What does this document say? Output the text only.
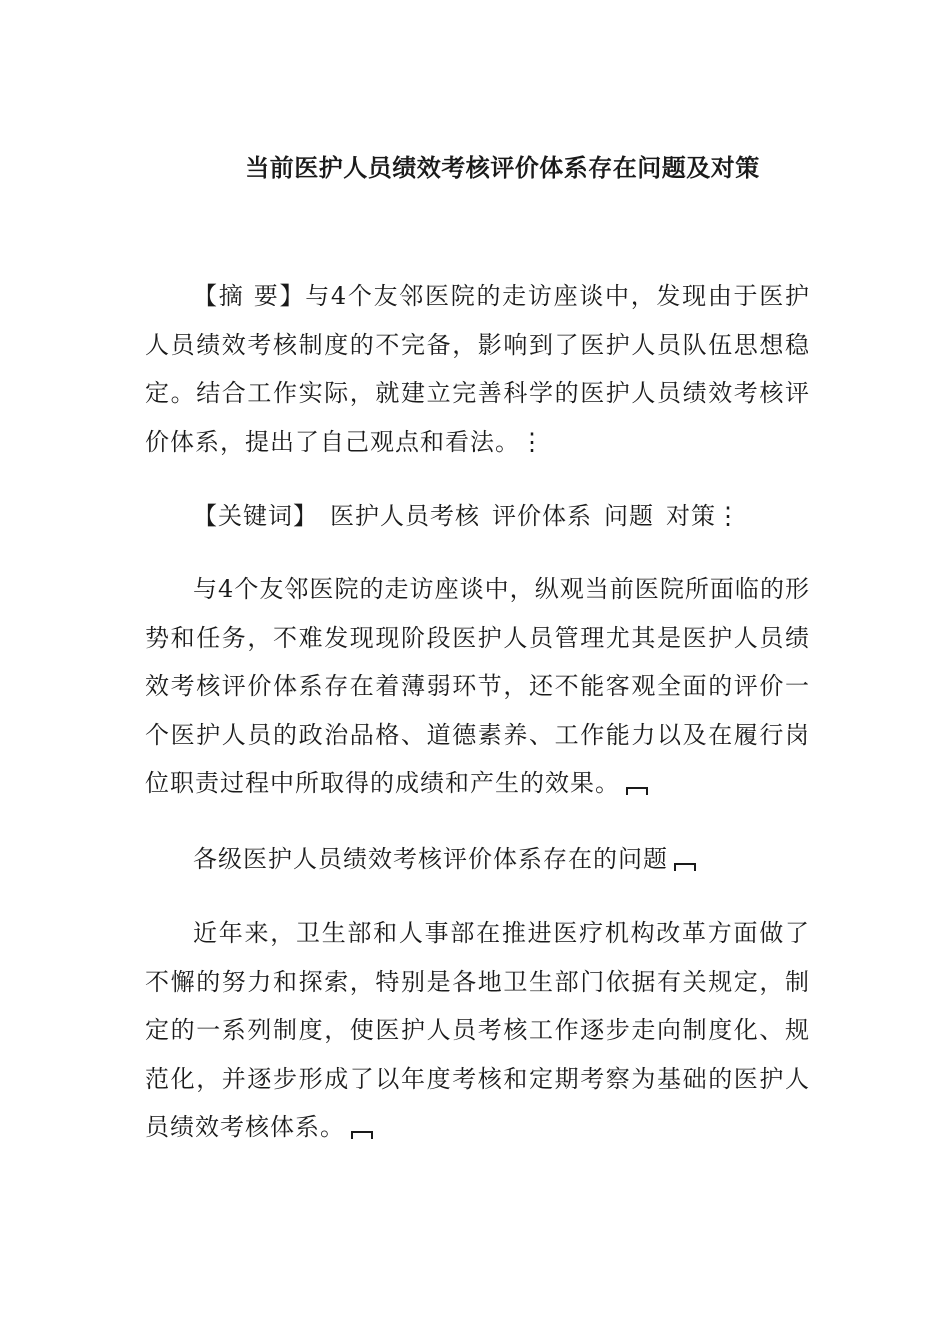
当前医护人员绩效考核评价体系存在问题及对策
【摘 要】与4个友邻医院的走访座谈中，发现由于医护人员绩效考核制度的不完备，影响到了医护人员队伍思想稳定。结合工作实际，就建立完善科学的医护人员绩效考核评价体系，提出了自己观点和看法。⋮
【关键词】 医护人员考核 评价体系 问题 对策⋮
与4个友邻医院的走访座谈中，纵观当前医院所面临的形势和任务，不难发现现阶段医护人员管理尤其是医护人员绩效考核评价体系存在着薄弱环节，还不能客观全面的评价一个医护人员的政治品格、道德素养、工作能力以及在履行岗位职责过程中所取得的成绩和产生的效果。
各级医护人员绩效考核评价体系存在的问题
近年来，卫生部和人事部在推进医疗机构改革方面做了不懈的努力和探索，特别是各地卫生部门依据有关规定，制定的一系列制度，使医护人员考核工作逐步走向制度化、规范化，并逐步形成了以年度考核和定期考察为基础的医护人员绩效考核体系。
